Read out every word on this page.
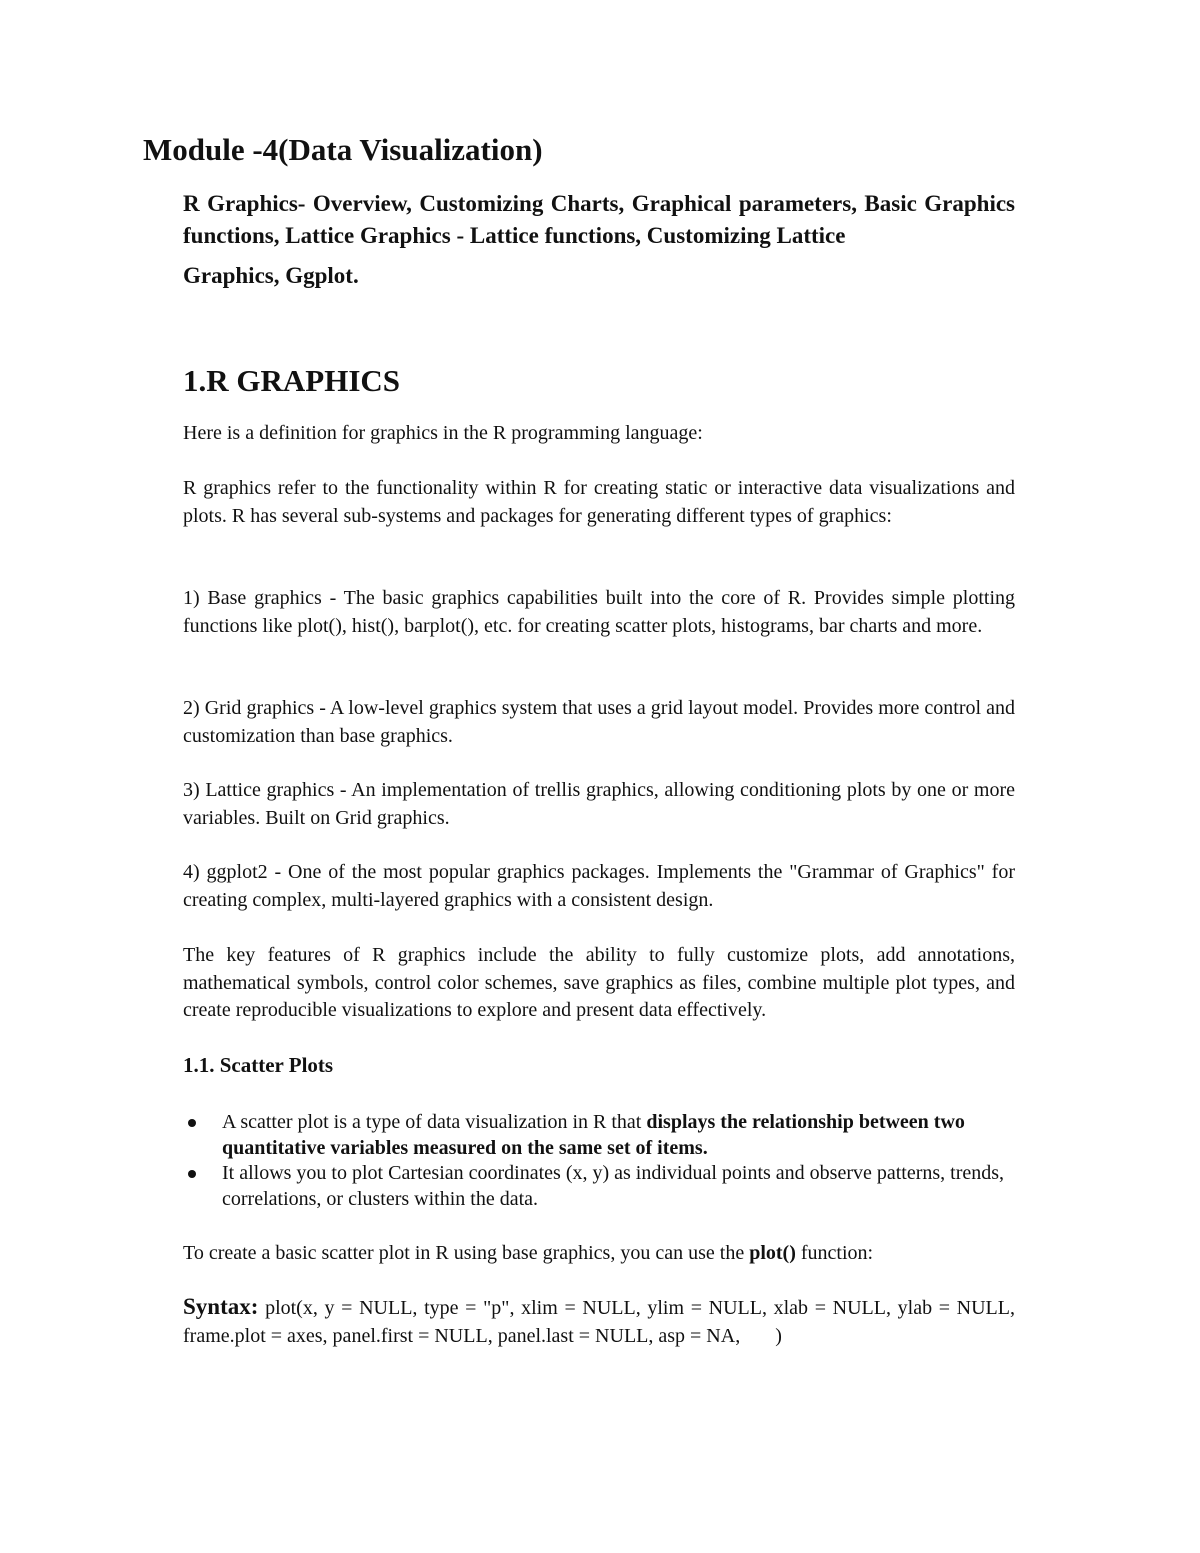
Module -4(Data Visualization)

R Graphics- Overview, Customizing Charts, Graphical parameters, Basic Graphics functions, Lattice Graphics - Lattice functions, Customizing Lattice
Graphics, Ggplot.

1.R GRAPHICS

Here is a definition for graphics in the R programming language:

R graphics refer to the functionality within R for creating static or interactive data visualizations and plots. R has several sub-systems and packages for generating different types of graphics:

1) Base graphics - The basic graphics capabilities built into the core of R. Provides simple plotting functions like plot(), hist(), barplot(), etc. for creating scatter plots, histograms, bar charts and more.

2) Grid graphics - A low-level graphics system that uses a grid layout model. Provides more control and customization than base graphics.

3) Lattice graphics - An implementation of trellis graphics, allowing conditioning plots by one or more variables. Built on Grid graphics.

4) ggplot2 - One of the most popular graphics packages. Implements the "Grammar of Graphics" for creating complex, multi-layered graphics with a consistent design.

The key features of R graphics include the ability to fully customize plots, add annotations, mathematical symbols, control color schemes, save graphics as files, combine multiple plot types, and create reproducible visualizations to explore and present data effectively.

1.1. Scatter Plots
A scatter plot is a type of data visualization in R that displays the relationship between two quantitative variables measured on the same set of items.
It allows you to plot Cartesian coordinates (x, y) as individual points and observe patterns, trends, correlations, or clusters within the data.

To create a basic scatter plot in R using base graphics, you can use the plot() function:

Syntax: plot(x, y = NULL, type = "p", xlim = NULL, ylim = NULL, xlab = NULL, ylab = NULL, frame.plot = axes, panel.first = NULL, panel.last = NULL, asp = NA,       )
